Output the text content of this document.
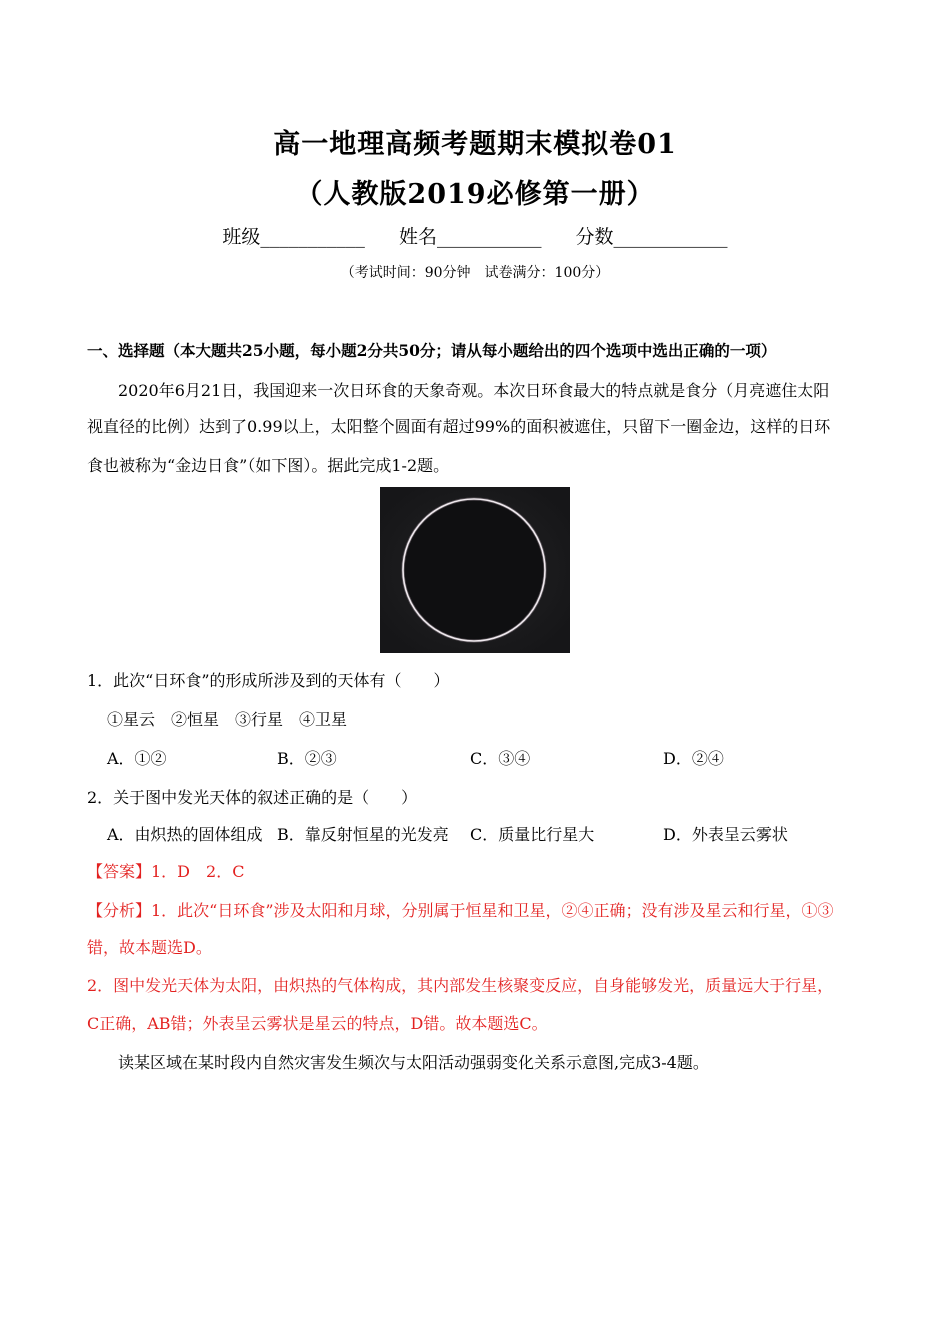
高一地理高频考题期末模拟卷01
（人教版2019必修第一册）
班级___________ 姓名___________ 分数____________
（考试时间：90分钟　试卷满分：100分）
一、选择题（本大题共25小题，每小题2分共50分；请从每小题给出的四个选项中选出正确的一项）
2020年6月21日，我国迎来一次日环食的天象奇观。本次日环食最大的特点就是食分（月亮遮住太阳
视直径的比例）达到了0.99以上，太阳整个圆面有超过99%的面积被遮住，只留下一圈金边，这样的日环
食也被称为“金边日食”（如下图）。据此完成1-2题。
1．此次“日环食”的形成所涉及到的天体有（　　）
①星云　②恒星　③行星　④卫星
A．①②	B．②③	C．③④	D．②④
2．关于图中发光天体的叙述正确的是（　　）
A．由炽热的固体组成 B．靠反射恒星的光发亮 C．质量比行星大	D．外表呈云雾状
【答案】1．D　2．C
【分析】1．此次“日环食”涉及太阳和月球，分别属于恒星和卫星，②④正确；没有涉及星云和行星，①③
错，故本题选D。
2．图中发光天体为太阳，由炽热的气体构成，其内部发生核聚变反应，自身能够发光，质量远大于行星，
C正确，AB错；外表呈云雾状是星云的特点，D错。故本题选C。
读某区域在某时段内自然灾害发生频次与太阳活动强弱变化关系示意图,完成3-4题。
